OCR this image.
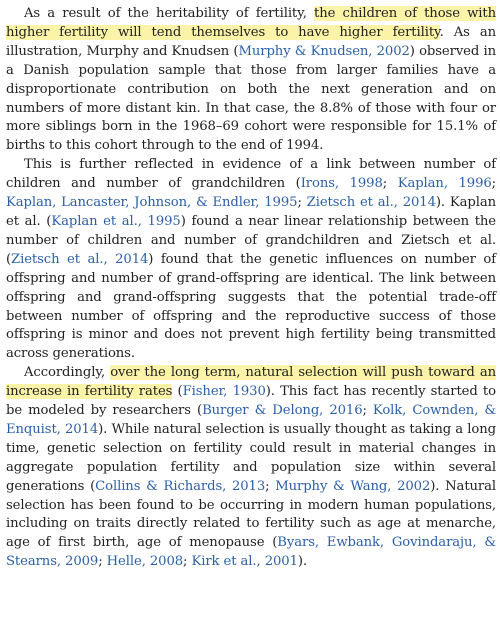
As a result of the heritability of fertility, the children of those with higher fertility will tend themselves to have higher fertility. As an illustration, Murphy and Knudsen (Murphy & Knudsen, 2002) observed in a Danish population sample that those from larger families have a disproportionate contribution on both the next generation and on numbers of more distant kin. In that case, the 8.8% of those with four or more siblings born in the 1968–69 cohort were responsible for 15.1% of births to this cohort through to the end of 1994.

This is further reflected in evidence of a link between number of children and number of grandchildren (Irons, 1998; Kaplan, 1996; Kaplan, Lancaster, Johnson, & Endler, 1995; Zietsch et al., 2014). Kaplan et al. (Kaplan et al., 1995) found a near linear relationship between the number of children and number of grandchildren and Zietsch et al. (Zietsch et al., 2014) found that the genetic influences on number of offspring and number of grand-offspring are identical. The link between offspring and grand-offspring suggests that the potential trade-off between number of offspring and the reproductive success of those offspring is minor and does not prevent high fertility being transmitted across generations.

Accordingly, over the long term, natural selection will push toward an increase in fertility rates (Fisher, 1930). This fact has recently started to be modeled by researchers (Burger & Delong, 2016; Kolk, Cownden, & Enquist, 2014). While natural selection is usually thought as taking a long time, genetic selection on fertility could result in material changes in aggregate population fertility and population size within several generations (Collins & Richards, 2013; Murphy & Wang, 2002). Natural selection has been found to be occurring in modern human populations, including on traits directly related to fertility such as age at menarche, age of first birth, age of menopause (Byars, Ewbank, Govindaraju, & Stearns, 2009; Helle, 2008; Kirk et al., 2001).
